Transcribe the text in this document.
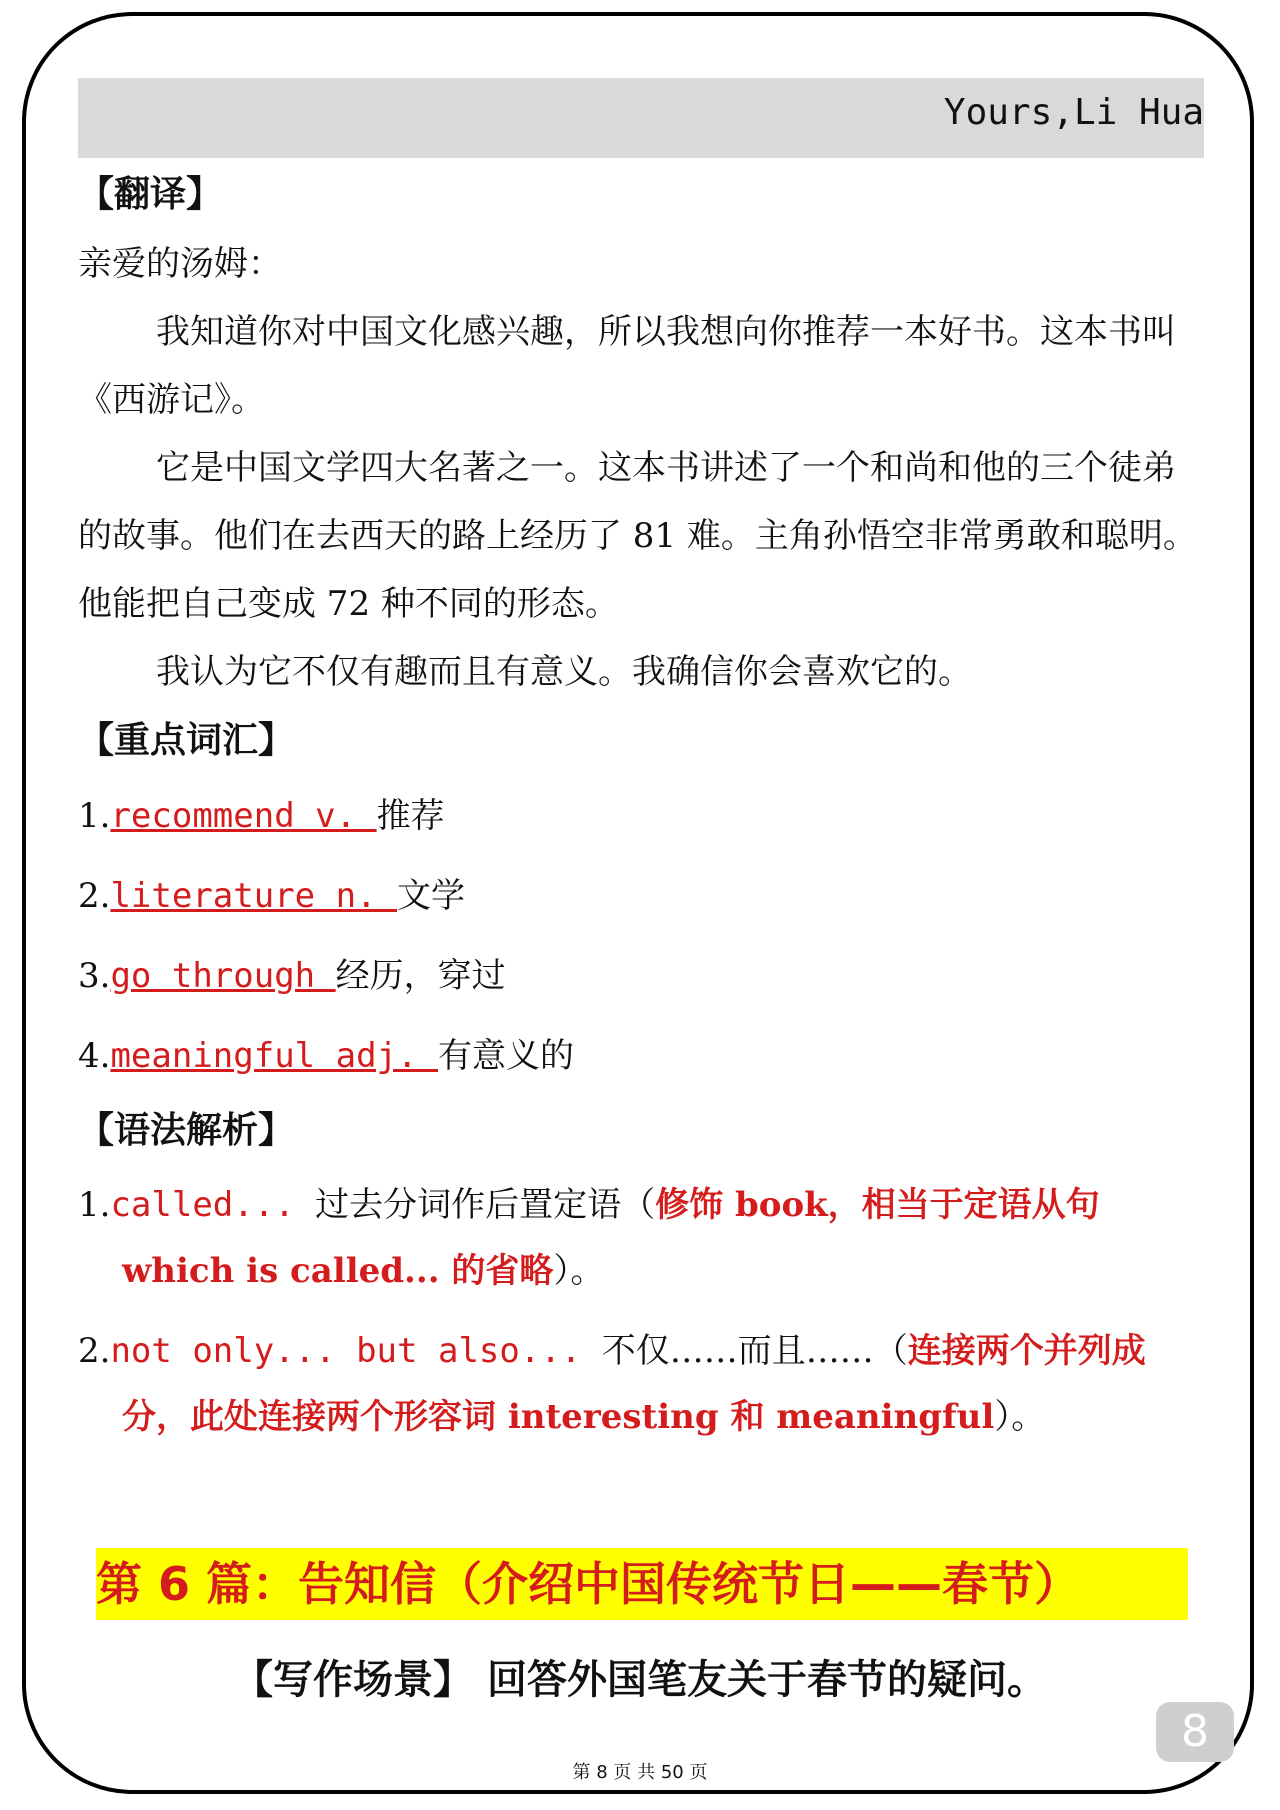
Yours,Li Hua
【翻译】

亲爱的汤姆：

我知道你对中国文化感兴趣，所以我想向你推荐一本好书。这本书叫《西游记》。

它是中国文学四大名著之一。这本书讲述了一个和尚和他的三个徒弟的故事。他们在去西天的路上经历了 81 难。主角孙悟空非常勇敢和聪明。他能把自己变成 72 种不同的形态。

我认为它不仅有趣而且有意义。我确信你会喜欢它的。

【重点词汇】
1.recommend v. 推荐
2.literature n. 文学
3.go through 经历，穿过
4.meaningful adj. 有意义的
【语法解析】
1.called... 过去分词作后置定语（修饰 book，相当于定语从句 which is called... 的省略）。
2.not only... but also... 不仅……而且……（连接两个并列成分，此处连接两个形容词 interesting 和 meaningful）。
第 6 篇：告知信（介绍中国传统节日——春节）
【写作场景】 回答外国笔友关于春节的疑问。
8
第 8 页 共 50 页
